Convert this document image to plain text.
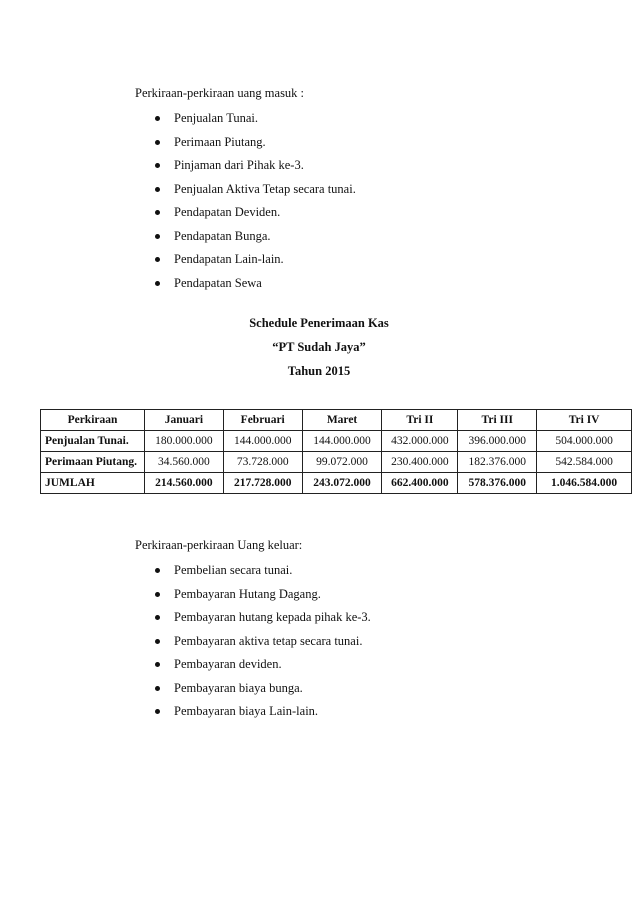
Perkiraan-perkiraan uang masuk :
Penjualan Tunai.
Perimaan Piutang.
Pinjaman dari Pihak ke-3.
Penjualan Aktiva Tetap secara tunai.
Pendapatan Deviden.
Pendapatan Bunga.
Pendapatan Lain-lain.
Pendapatan Sewa
Schedule Penerimaan Kas
“PT Sudah Jaya”
Tahun 2015
Perkiraan	Januari	Februari	Maret	Tri II	Tri III	Tri IV
Penjualan Tunai.	180.000.000	144.000.000	144.000.000	432.000.000	396.000.000	504.000.000
Perimaan Piutang.	34.560.000	73.728.000	99.072.000	230.400.000	182.376.000	542.584.000
JUMLAH	214.560.000	217.728.000	243.072.000	662.400.000	578.376.000	1.046.584.000
Perkiraan-perkiraan Uang keluar:
Pembelian secara tunai.
Pembayaran Hutang Dagang.
Pembayaran hutang kepada pihak ke-3.
Pembayaran aktiva tetap secara tunai.
Pembayaran deviden.
Pembayaran biaya bunga.
Pembayaran biaya Lain-lain.
